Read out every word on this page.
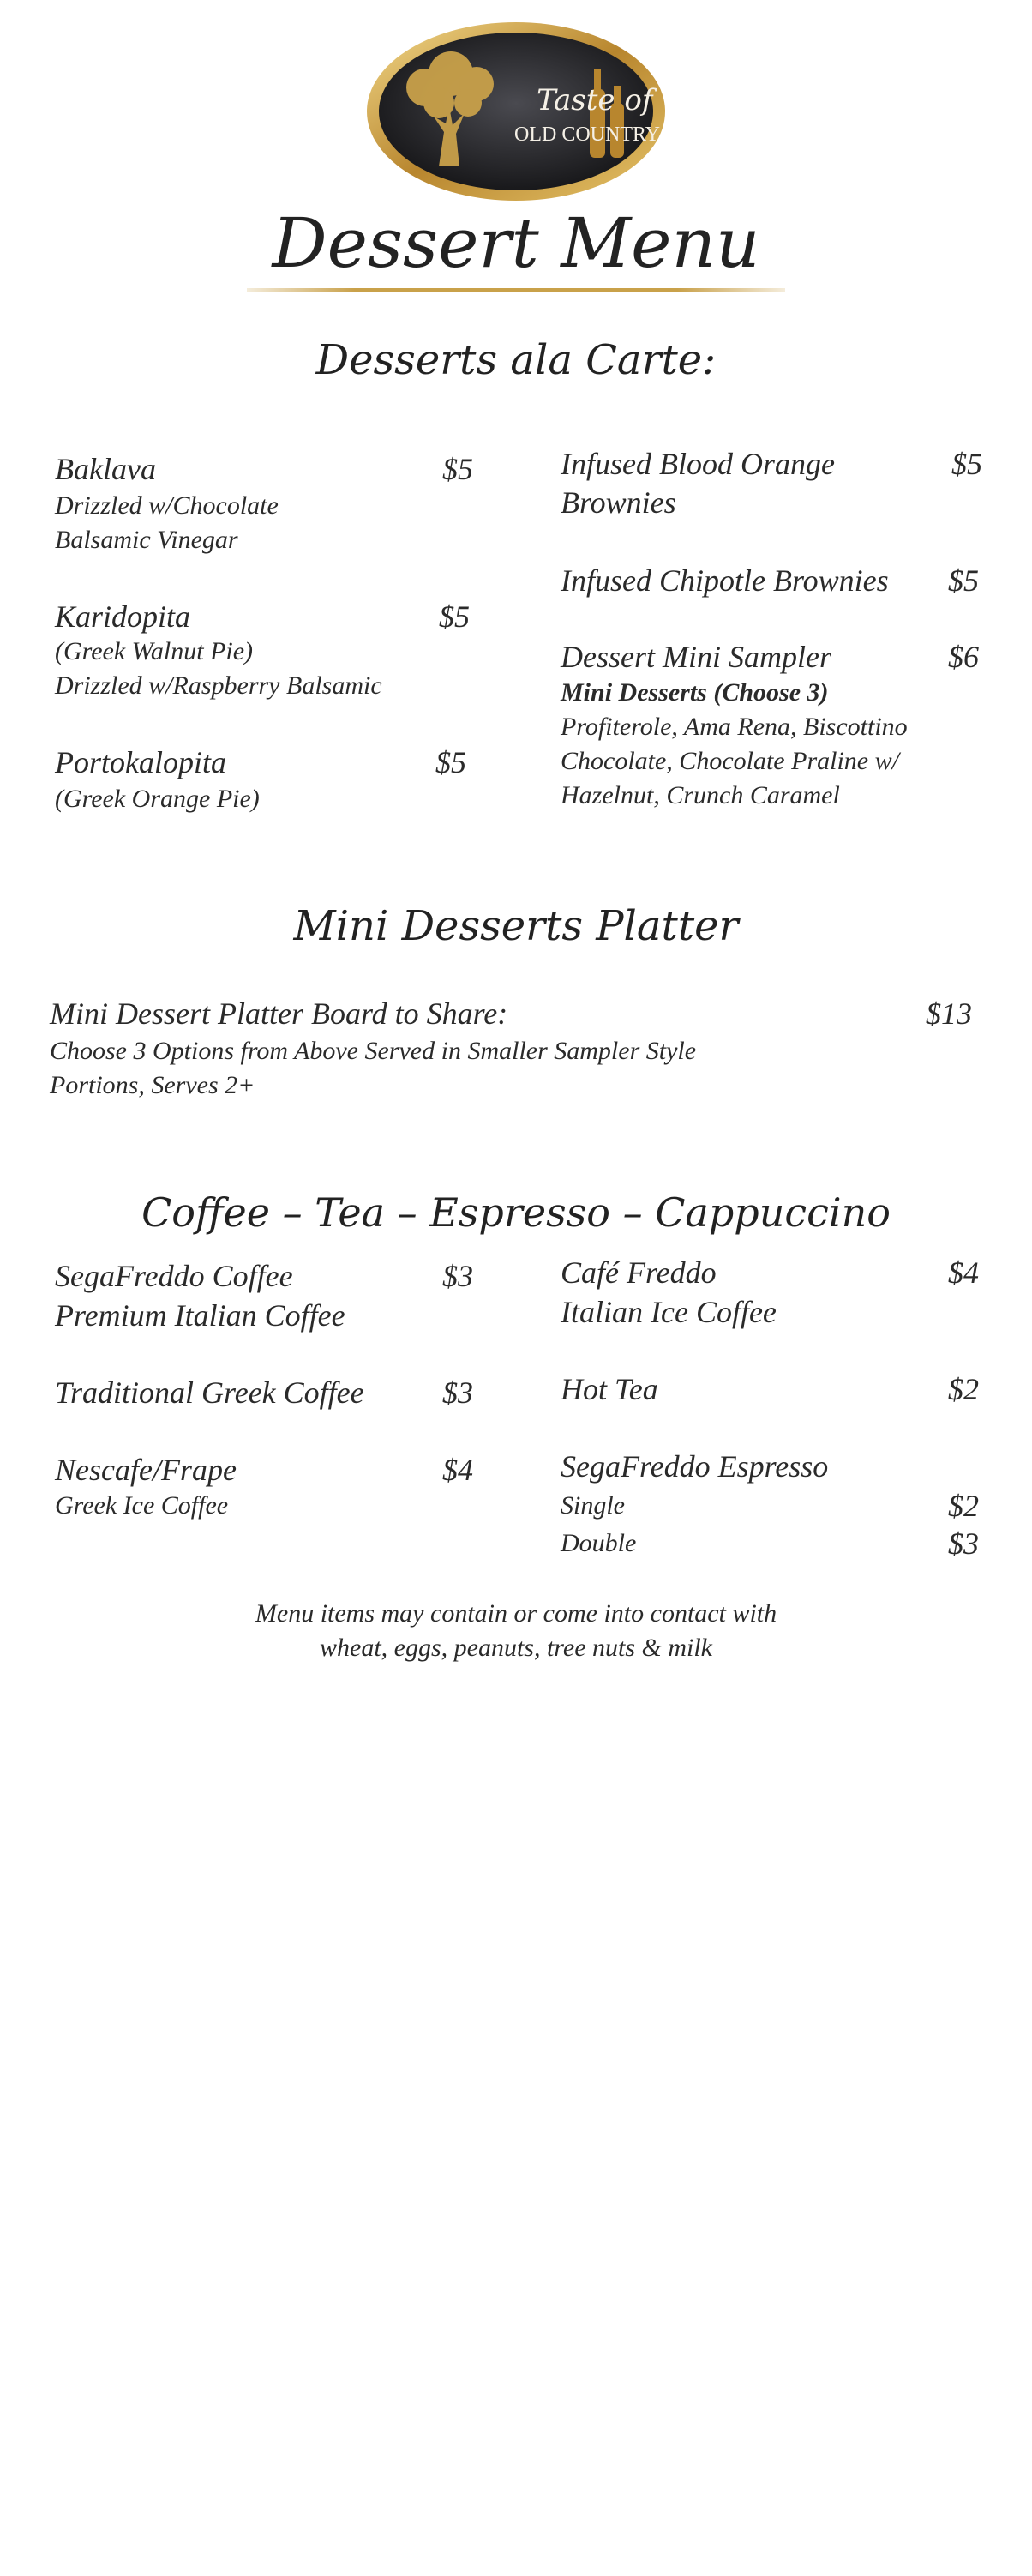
Taste of
OLD COUNTRY
Dessert Menu
Desserts ala Carte:
Baklava	$5
Drizzled w/Chocolate
Balsamic Vinegar
Karidopita	$5
(Greek Walnut Pie)
Drizzled w/Raspberry Balsamic
Portokalopita	$5
(Greek Orange Pie)
Infused Blood Orange	$5
Brownies
Infused Chipotle Brownies $5
Dessert Mini Sampler	$6
Mini Desserts (Choose 3)
Profiterole, Ama Rena, Biscottino
Chocolate, Chocolate Praline w/
Hazelnut, Crunch Caramel
Mini Desserts Platter
Mini Dessert Platter Board to Share:	$13
Choose 3 Options from Above Served in Smaller Sampler Style
Portions, Serves 2+
Coffee – Tea – Espresso – Cappuccino
SegaFreddo Coffee	$3
Premium Italian Coffee
Traditional Greek Coffee	$3
Nescafe/Frape	$4
Greek Ice Coffee
Café Freddo	$4
Italian Ice Coffee
Hot Tea	$2
SegaFreddo Espresso
Single	$2
Double	$3
Menu items may contain or come into contact with
wheat, eggs, peanuts, tree nuts & milk
